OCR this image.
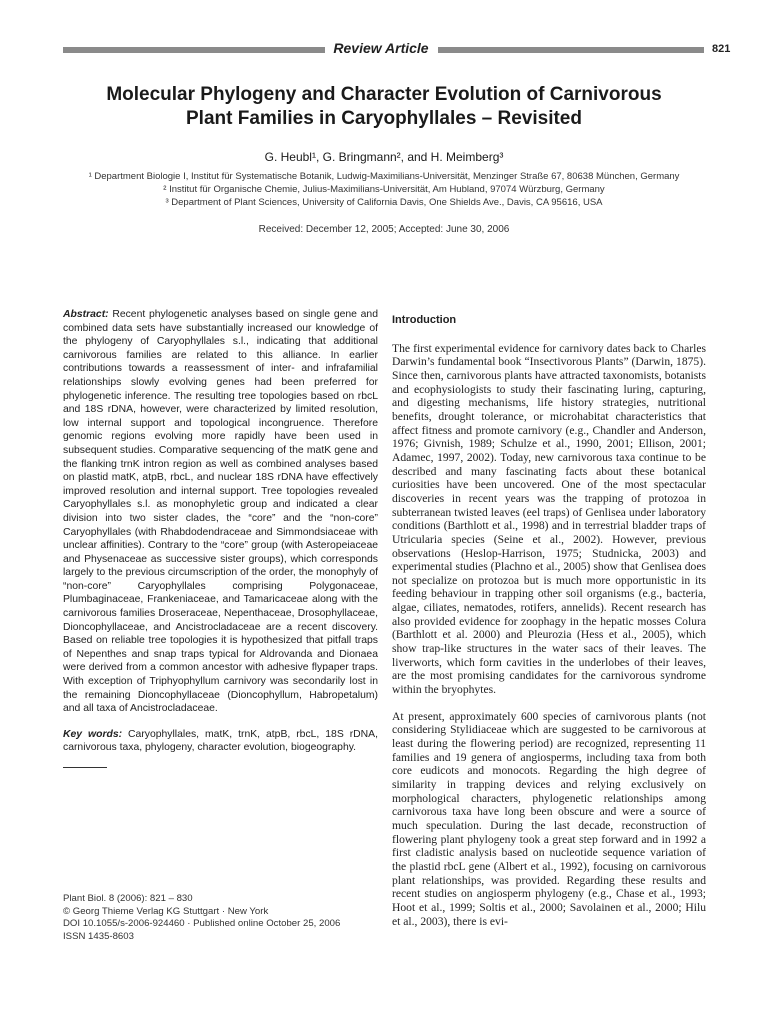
Review Article	821
Molecular Phylogeny and Character Evolution of Carnivorous
Plant Families in Caryophyllales – Revisited
G. Heubl¹, G. Bringmann², and H. Meimberg³
¹ Department Biologie I, Institut für Systematische Botanik, Ludwig-Maximilians-Universität, Menzinger Straße 67, 80638 München, Germany
² Institut für Organische Chemie, Julius-Maximilians-Universität, Am Hubland, 97074 Würzburg, Germany
³ Department of Plant Sciences, University of California Davis, One Shields Ave., Davis, CA 95616, USA
Received: December 12, 2005; Accepted: June 30, 2006

Abstract: Recent phylogenetic analyses based on single gene and combined data sets have substantially increased our knowledge of the phylogeny of Caryophyllales s.l., indicating that additional carnivorous families are related to this alliance. In earlier contributions towards a reassessment of inter- and infrafamilial relationships slowly evolving genes had been preferred for phylogenetic inference. The resulting tree topologies based on rbcL and 18S rDNA, however, were characterized by limited resolution, low internal support and topological incongruence. Therefore genomic regions evolving more rapidly have been used in subsequent studies. Comparative sequencing of the matK gene and the flanking trnK intron region as well as combined analyses based on plastid matK, atpB, rbcL, and nuclear 18S rDNA have effectively improved resolution and internal support. Tree topologies revealed Caryophyllales s.l. as monophyletic group and indicated a clear division into two sister clades, the “core” and the “non-core” Caryophyllales (with Rhabdodendraceae and Simmondsiaceae with unclear affinities). Contrary to the “core” group (with Asteropeiaceae and Physenaceae as successive sister groups), which corresponds largely to the previous circumscription of the order, the monophyly of “non-core” Caryophyllales comprising Polygonaceae, Plumbaginaceae, Frankeniaceae, and Tamaricaceae along with the carnivorous families Droseraceae, Nepenthaceae, Drosophyllaceae, Dioncophyllaceae, and Ancistrocladaceae are a recent discovery. Based on reliable tree topologies it is hypothesized that pitfall traps of Nepenthes and snap traps typical for Aldrovanda and Dionaea were derived from a common ancestor with adhesive flypaper traps. With exception of Triphyophyllum carnivory was secondarily lost in the remaining Dioncophyllaceae (Dioncophyllum, Habropetalum) and all taxa of Ancistrocladaceae.

Key words: Caryophyllales, matK, trnK, atpB, rbcL, 18S rDNA, carnivorous taxa, phylogeny, character evolution, biogeography.

Plant Biol. 8 (2006): 821 – 830
© Georg Thieme Verlag KG Stuttgart · New York
DOI 10.1055/s-2006-924460 · Published online October 25, 2006
ISSN 1435-8603
Introduction

The first experimental evidence for carnivory dates back to Charles Darwin’s fundamental book “Insectivorous Plants” (Darwin, 1875). Since then, carnivorous plants have attracted taxonomists, botanists and ecophysiologists to study their fascinating luring, capturing, and digesting mechanisms, life history strategies, nutritional benefits, drought tolerance, or microhabitat characteristics that affect fitness and promote carnivory (e.g., Chandler and Anderson, 1976; Givnish, 1989; Schulze et al., 1990, 2001; Ellison, 2001; Adamec, 1997, 2002). Today, new carnivorous taxa continue to be described and many fascinating facts about these botanical curiosities have been uncovered. One of the most spectacular discoveries in recent years was the trapping of protozoa in subterranean twisted leaves (eel traps) of Genlisea under laboratory conditions (Barthlott et al., 1998) and in terrestrial bladder traps of Utricularia species (Seine et al., 2002). However, previous observations (Heslop-Harrison, 1975; Studnicka, 2003) and experimental studies (Plachno et al., 2005) show that Genlisea does not specialize on protozoa but is much more opportunistic in its feeding behaviour in trapping other soil organisms (e.g., bacteria, algae, ciliates, nematodes, rotifers, annelids). Recent research has also provided evidence for zoophagy in the hepatic mosses Colura (Barthlott et al. 2000) and Pleurozia (Hess et al., 2005), which show trap-like structures in the water sacs of their leaves. The liverworts, which form cavities in the underlobes of their leaves, are the most promising candidates for the carnivorous syndrome within the bryophytes.

At present, approximately 600 species of carnivorous plants (not considering Stylidiaceae which are suggested to be carnivorous at least during the flowering period) are recognized, representing 11 families and 19 genera of angiosperms, including taxa from both core eudicots and monocots. Regarding the high degree of similarity in trapping devices and relying exclusively on morphological characters, phylogenetic relationships among carnivorous taxa have long been obscure and were a source of much speculation. During the last decade, reconstruction of flowering plant phylogeny took a great step forward and in 1992 a first cladistic analysis based on nucleotide sequence variation of the plastid rbcL gene (Albert et al., 1992), focusing on carnivorous plant relationships, was provided. Regarding these results and recent studies on angiosperm phylogeny (e.g., Chase et al., 1993; Hoot et al., 1999; Soltis et al., 2000; Savolainen et al., 2000; Hilu et al., 2003), there is evi-
